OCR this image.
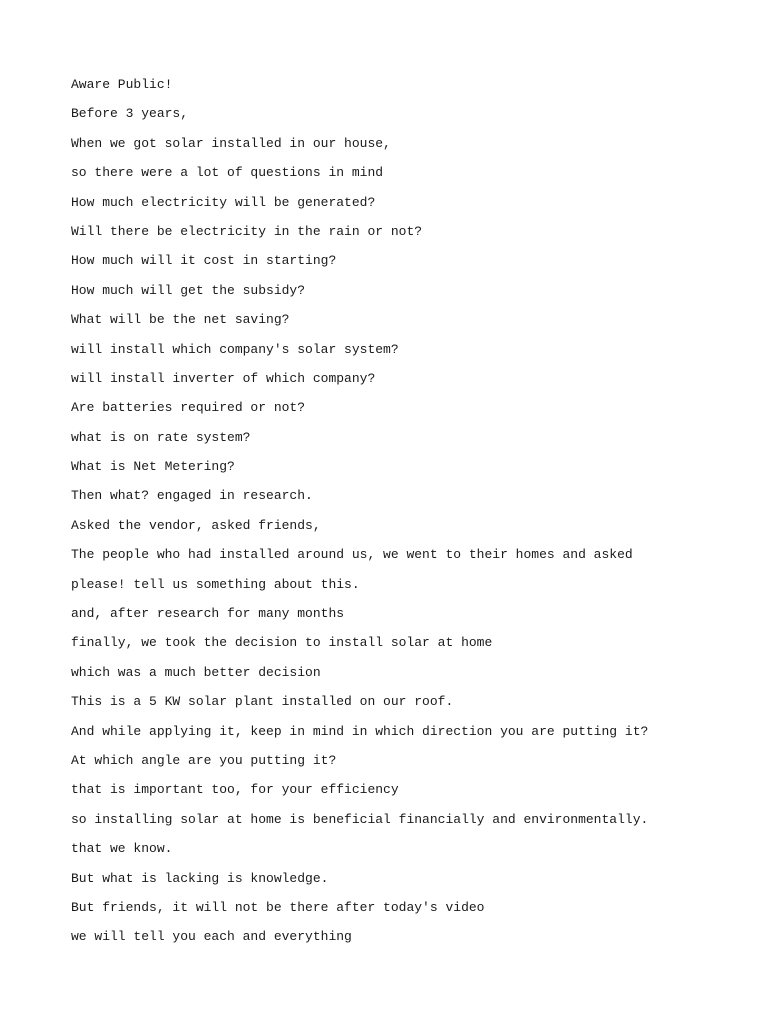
Aware Public!
Before 3 years,
When we got solar installed in our house,
so there were a lot of questions in mind
How much electricity will be generated?
Will there be electricity in the rain or not?
How much will it cost in starting?
How much will get the subsidy?
What will be the net saving?
will install which company's solar system?
will install inverter of which company?
Are batteries required or not?
what is on rate system?
What is Net Metering?
Then what? engaged in research.
Asked the vendor, asked friends,
The people who had installed around us, we went to their homes and asked
please! tell us something about this.
and, after research for many months
finally, we took the decision to install solar at home
which was a much better decision
This is a 5 KW solar plant installed on our roof.
And while applying it, keep in mind in which direction you are putting it?
At which angle are you putting it?
that is important too, for your efficiency
so installing solar at home is beneficial financially and environmentally.
that we know.
But what is lacking is knowledge.
But friends, it will not be there after today's video
we will tell you each and everything
